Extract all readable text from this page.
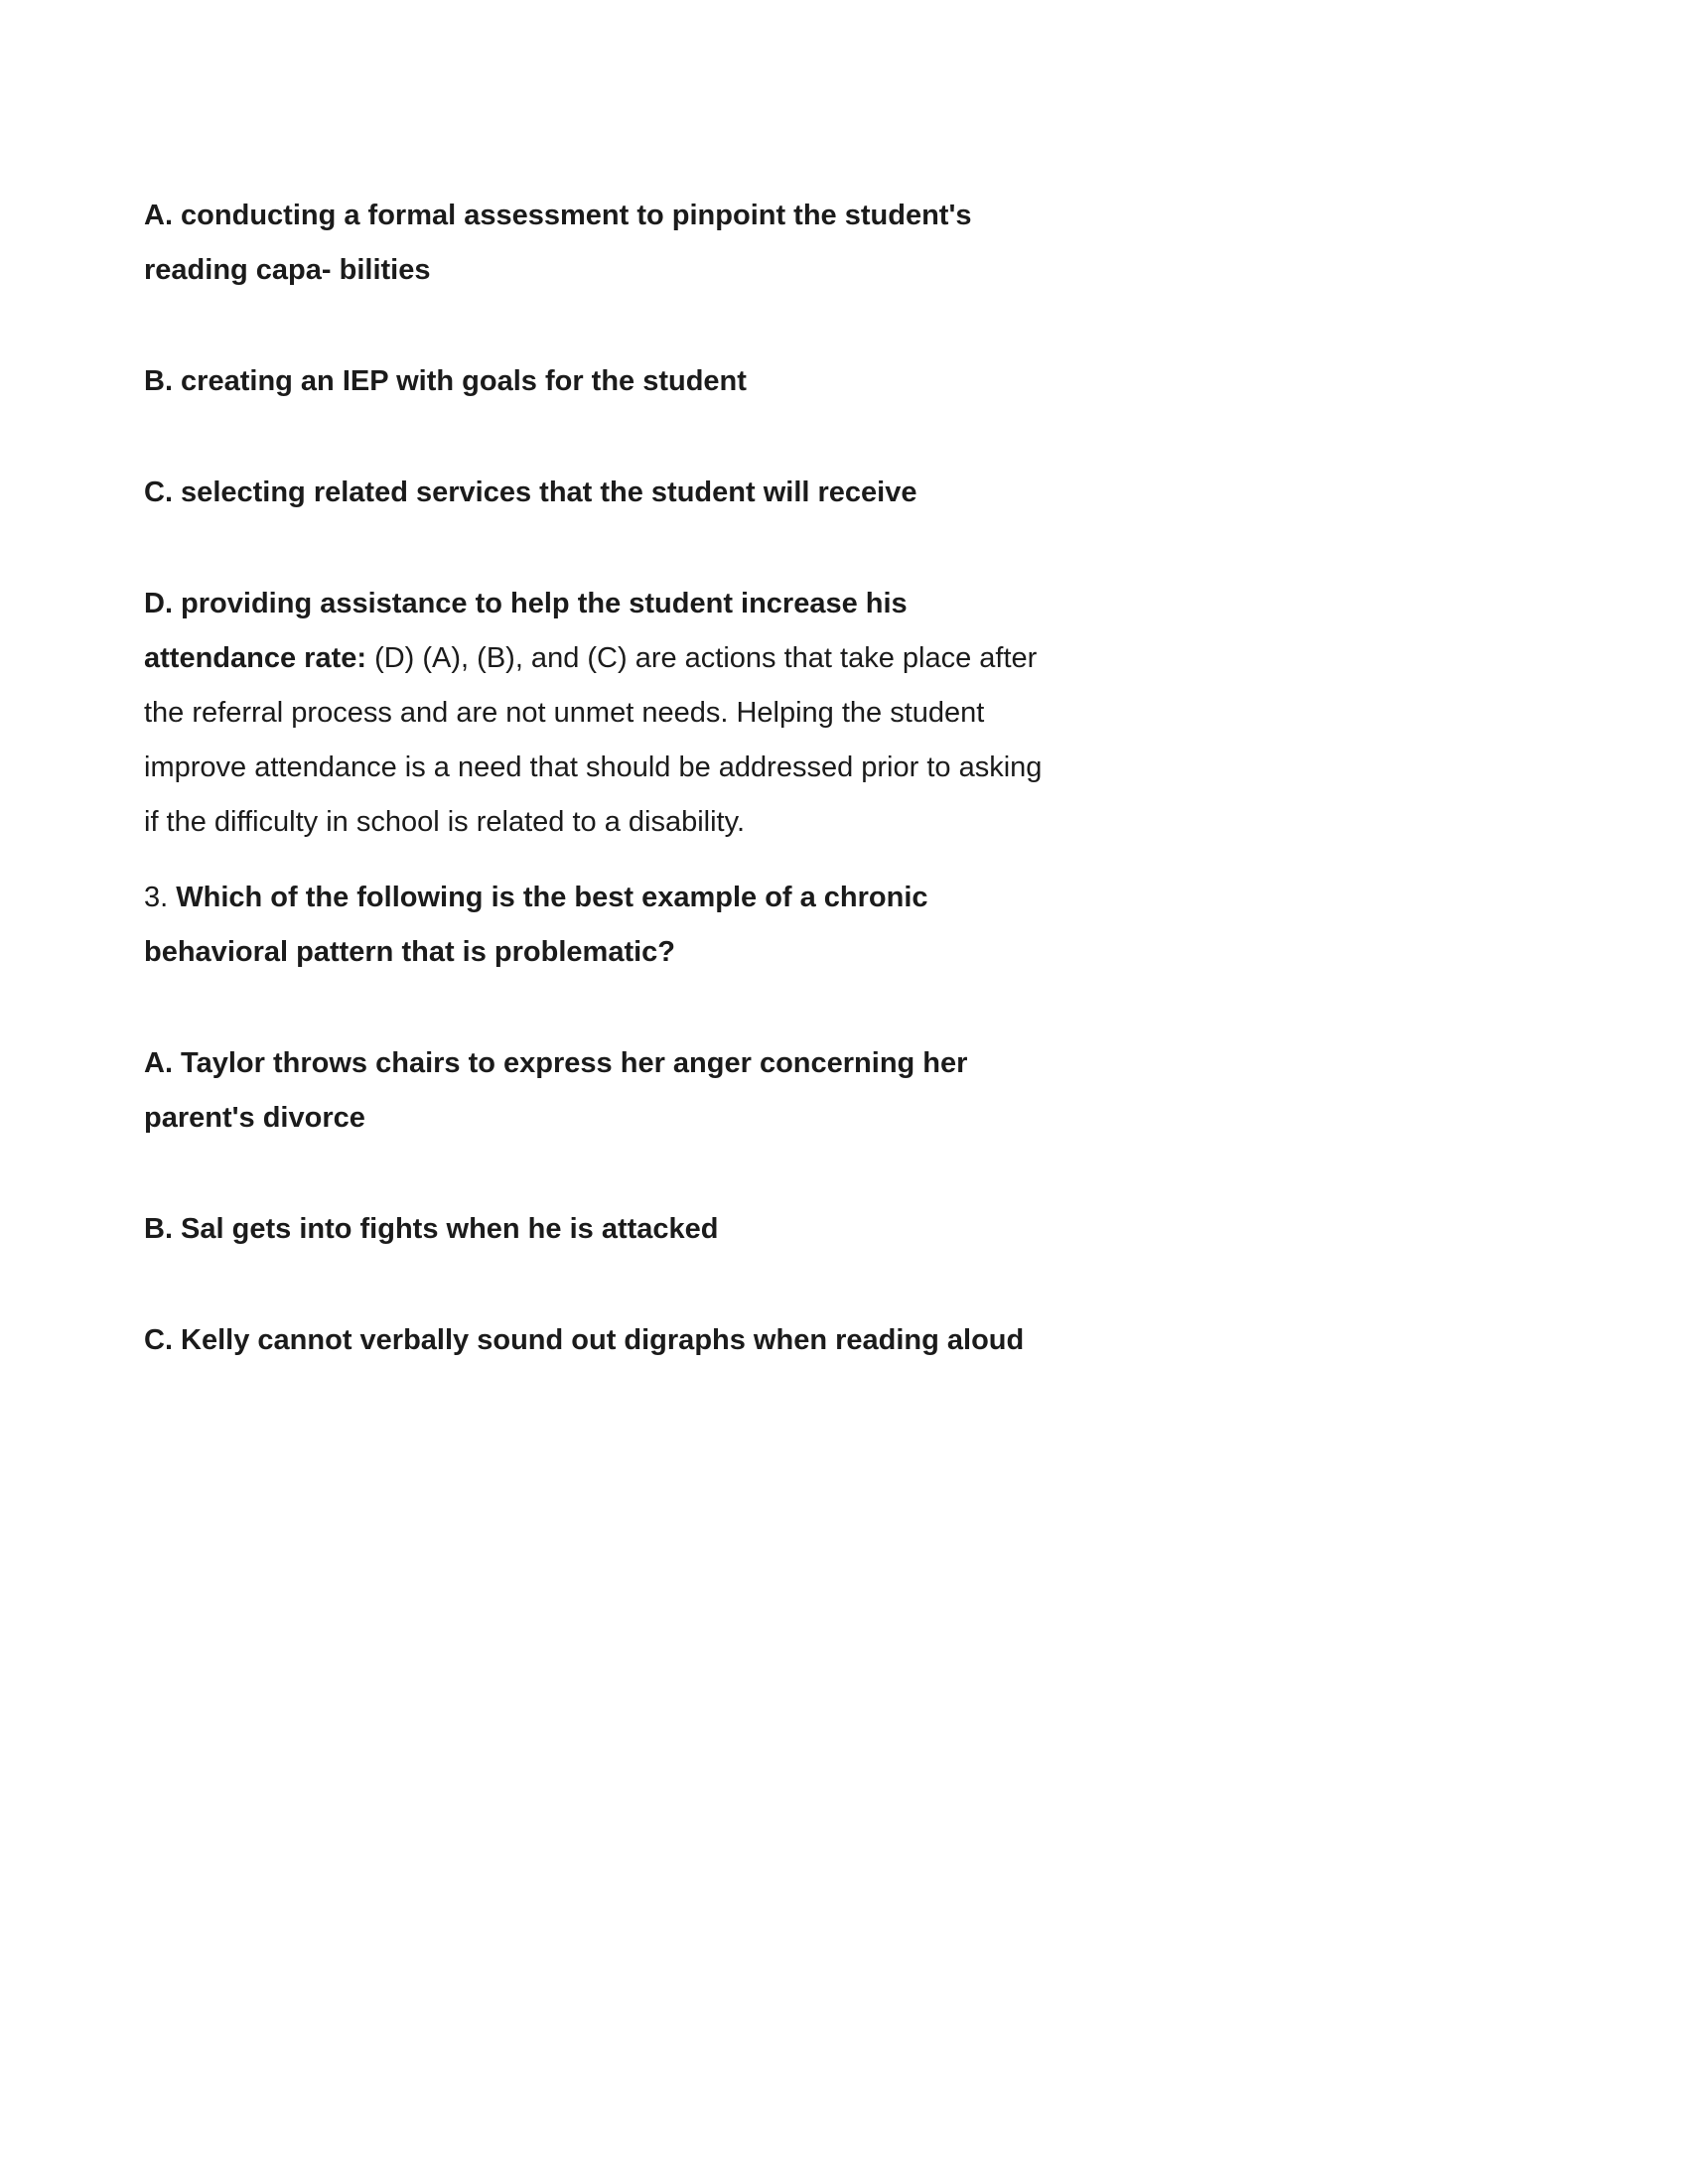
A. conducting a formal assessment to pinpoint the student's reading capa- bilities

B. creating an IEP with goals for the student

C. selecting related services that the student will receive

D. providing assistance to help the student increase his attendance rate: (D) (A), (B), and (C) are actions that take place after the referral process and are not unmet needs. Helping the student improve attendance is a need that should be addressed prior to asking if the difficulty in school is related to a disability.

3. Which of the following is the best example of a chronic behavioral pattern that is problematic?

A. Taylor throws chairs to express her anger concerning her parent's divorce

B. Sal gets into fights when he is attacked

C. Kelly cannot verbally sound out digraphs when reading aloud
